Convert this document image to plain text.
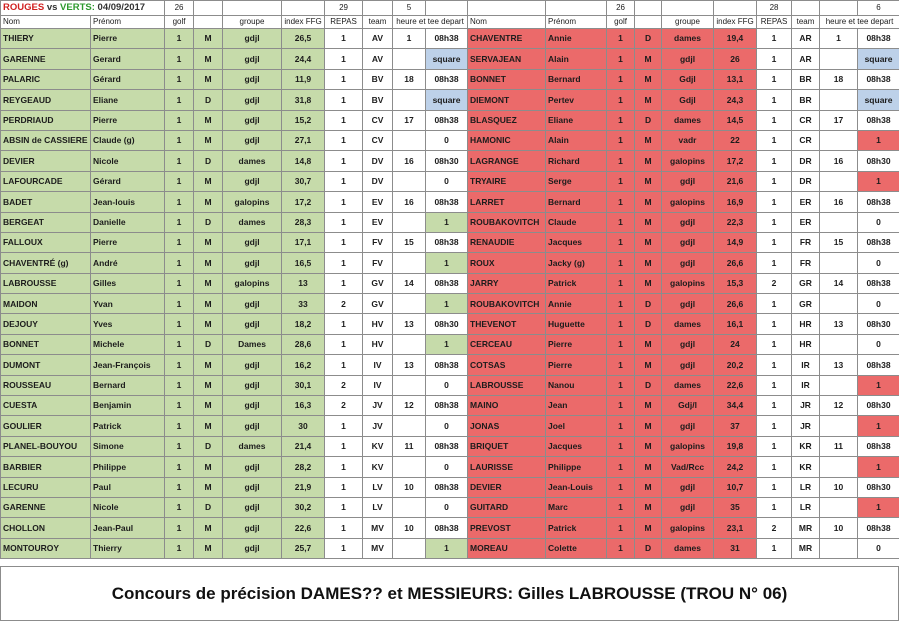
ROUGES vs VERTS: 04/09/2017		26				29		5				26				28			6
Nom	Prénom	golf		groupe	index FFG	REPAS	team	heure et tee depart		Nom	Prénom	golf		groupe	index FFG	REPAS	team	heure et tee depart	
THIERY	Pierre	1	M	gdjl	26,5	1	AV	1	08h38	CHAVENTRE	Annie	1	D	dames	19,4	1	AR	1	08h38
GARENNE	Gerard	1	M	gdjl	24,4	1	AV		square	SERVAJEAN	Alain	1	M	gdjl	26	1	AR		square
PALARIC	Gérard	1	M	gdjl	11,9	1	BV	18	08h38	BONNET	Bernard	1	M	Gdjl	13,1	1	BR	18	08h38
REYGEAUD	Eliane	1	D	gdjl	31,8	1	BV		square	DIEMONT	Pertev	1	M	Gdjl	24,3	1	BR		square
PERDRIAUD	Pierre	1	M	gdjl	15,2	1	CV	17	08h38	BLASQUEZ	Eliane	1	D	dames	14,5	1	CR	17	08h38
ABSIN de CASSIERE	Claude (g)	1	M	gdjl	27,1	1	CV		0	HAMONIC	Alain	1	M	vadr	22	1	CR		1
DEVIER	Nicole	1	D	dames	14,8	1	DV	16	08h30	LAGRANGE	Richard	1	M	galopins	17,2	1	DR	16	08h30
LAFOURCADE	Gérard	1	M	gdjl	30,7	1	DV		0	TRYAIRE	Serge	1	M	gdjl	21,6	1	DR		1
BADET	Jean-louis	1	M	galopins	17,2	1	EV	16	08h38	LARRET	Bernard	1	M	galopins	16,9	1	ER	16	08h38
BERGEAT	Danielle	1	D	dames	28,3	1	EV		1	ROUBAKOVITCH	Claude	1	M	gdjl	22,3	1	ER		0
FALLOUX	Pierre	1	M	gdjl	17,1	1	FV	15	08h38	RENAUDIE	Jacques	1	M	gdjl	14,9	1	FR	15	08h38
CHAVENTRÉ (g)	André	1	M	gdjl	16,5	1	FV		1	ROUX	Jacky (g)	1	M	gdjl	26,6	1	FR		0
LABROUSSE	Gilles	1	M	galopins	13	1	GV	14	08h38	JARRY	Patrick	1	M	galopins	15,3	2	GR	14	08h38
MAIDON	Yvan	1	M	gdjl	33	2	GV		1	ROUBAKOVITCH	Annie	1	D	gdjl	26,6	1	GR		0
DEJOUY	Yves	1	M	gdjl	18,2	1	HV	13	08h30	THEVENOT	Huguette	1	D	dames	16,1	1	HR	13	08h30
BONNET	Michele	1	D	Dames	28,6	1	HV		1	CERCEAU	Pierre	1	M	gdjl	24	1	HR		0
DUMONT	Jean-François	1	M	gdjl	16,2	1	IV	13	08h38	COTSAS	Pierre	1	M	gdjl	20,2	1	IR	13	08h38
ROUSSEAU	Bernard	1	M	gdjl	30,1	2	IV		0	LABROUSSE	Nanou	1	D	dames	22,6	1	IR		1
CUESTA	Benjamin	1	M	gdjl	16,3	2	JV	12	08h38	MAINO	Jean	1	M	Gdj/l	34,4	1	JR	12	08h30
GOULIER	Patrick	1	M	gdjl	30	1	JV		0	JONAS	Joel	1	M	gdjl	37	1	JR		1
PLANEL-BOUYOU	Simone	1	D	dames	21,4	1	KV	11	08h38	BRIQUET	Jacques	1	M	galopins	19,8	1	KR	11	08h38
BARBIER	Philippe	1	M	gdjl	28,2	1	KV		0	LAURISSE	Philippe	1	M	Vad/Rcc	24,2	1	KR		1
LECURU	Paul	1	M	gdjl	21,9	1	LV	10	08h38	DEVIER	Jean-Louis	1	M	gdjl	10,7	1	LR	10	08h30
GARENNE	Nicole	1	D	gdjl	30,2	1	LV		0	GUITARD	Marc	1	M	gdjl	35	1	LR		1
CHOLLON	Jean-Paul	1	M	gdjl	22,6	1	MV	10	08h38	PREVOST	Patrick	1	M	galopins	23,1	2	MR	10	08h38
MONTOUROY	Thierry	1	M	gdjl	25,7	1	MV		1	MOREAU	Colette	1	D	dames	31	1	MR		0
Concours de précision DAMES?? et MESSIEURS: Gilles LABROUSSE (TROU N° 06)
